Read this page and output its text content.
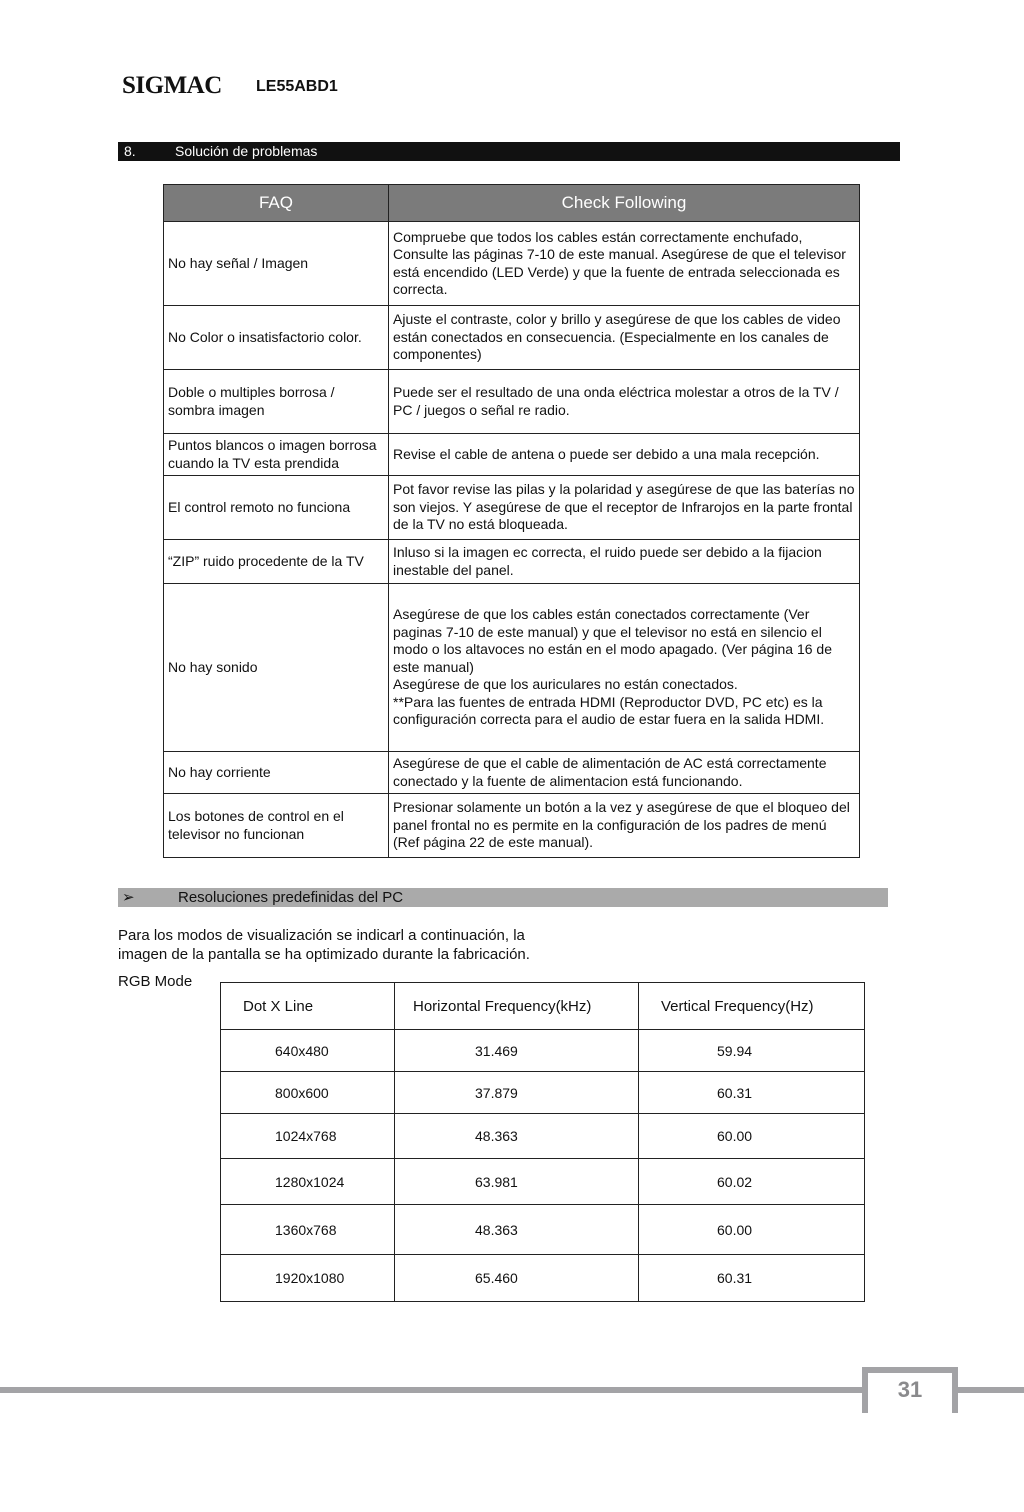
SIGMAC LE55ABD1
8.	Solución de problemas
FAQ	Check Following
No hay señal / Imagen	Compruebe que todos los cables están correctamente enchufado, Consulte las páginas 7-10 de este manual. Asegúrese de que el televisor está encendido (LED Verde) y que la fuente de entrada seleccionada es correcta.
No Color o insatisfactorio color.	Ajuste el contraste, color y brillo y asegúrese de que los cables de video están conectados en consecuencia. (Especialmente en los canales de componentes)
Doble o multiples borrosa / sombra imagen	Puede ser el resultado de una onda eléctrica molestar a otros de la TV / PC / juegos o señal re radio.
Puntos blancos o imagen borrosa cuando la TV esta prendida	Revise el cable de antena o puede ser debido a una mala recepción.
El control remoto no funciona	Pot favor revise las pilas y la polaridad y asegúrese de que las baterías no son viejos. Y asegúrese de que el receptor de Infrarojos en la parte frontal de la TV no está bloqueada.
“ZIP” ruido procedente de la TV	Inluso si la imagen ec correcta, el ruido puede ser debido a la fijacion inestable del panel.
No hay sonido	Asegúrese de que los cables están conectados correctamente (Ver paginas 7-10 de este manual) y que el televisor no está en silencio el modo o los altavoces no están en el modo apagado. (Ver página 16 de este manual)
Asegúrese de que los auriculares no están conectados.
**Para las fuentes de entrada HDMI (Reproductor DVD, PC etc) es la configuración correcta para el audio de estar fuera en la salida HDMI.
No hay corriente	Asegúrese de que el cable de alimentación de AC está correctamente conectado y la fuente de alimentacion está funcionando.
Los botones de control en el televisor no funcionan	Presionar solamente un botón a la vez y asegúrese de que el bloqueo del panel frontal no es permite en la configuración de los padres de menú (Ref página 22 de este manual).
➢	Resoluciones predefinidas del PC
Para los modos de visualización se indicarl a continuación, la
imagen de la pantalla se ha optimizado durante la fabricación.
RGB Mode
Dot X Line	Horizontal Frequency(kHz)	Vertical Frequency(Hz)
640x480	31.469	59.94
800x600	37.879	60.31
1024x768	48.363	60.00
1280x1024	63.981	60.02
1360x768	48.363	60.00
1920x1080	65.460	60.31
31
